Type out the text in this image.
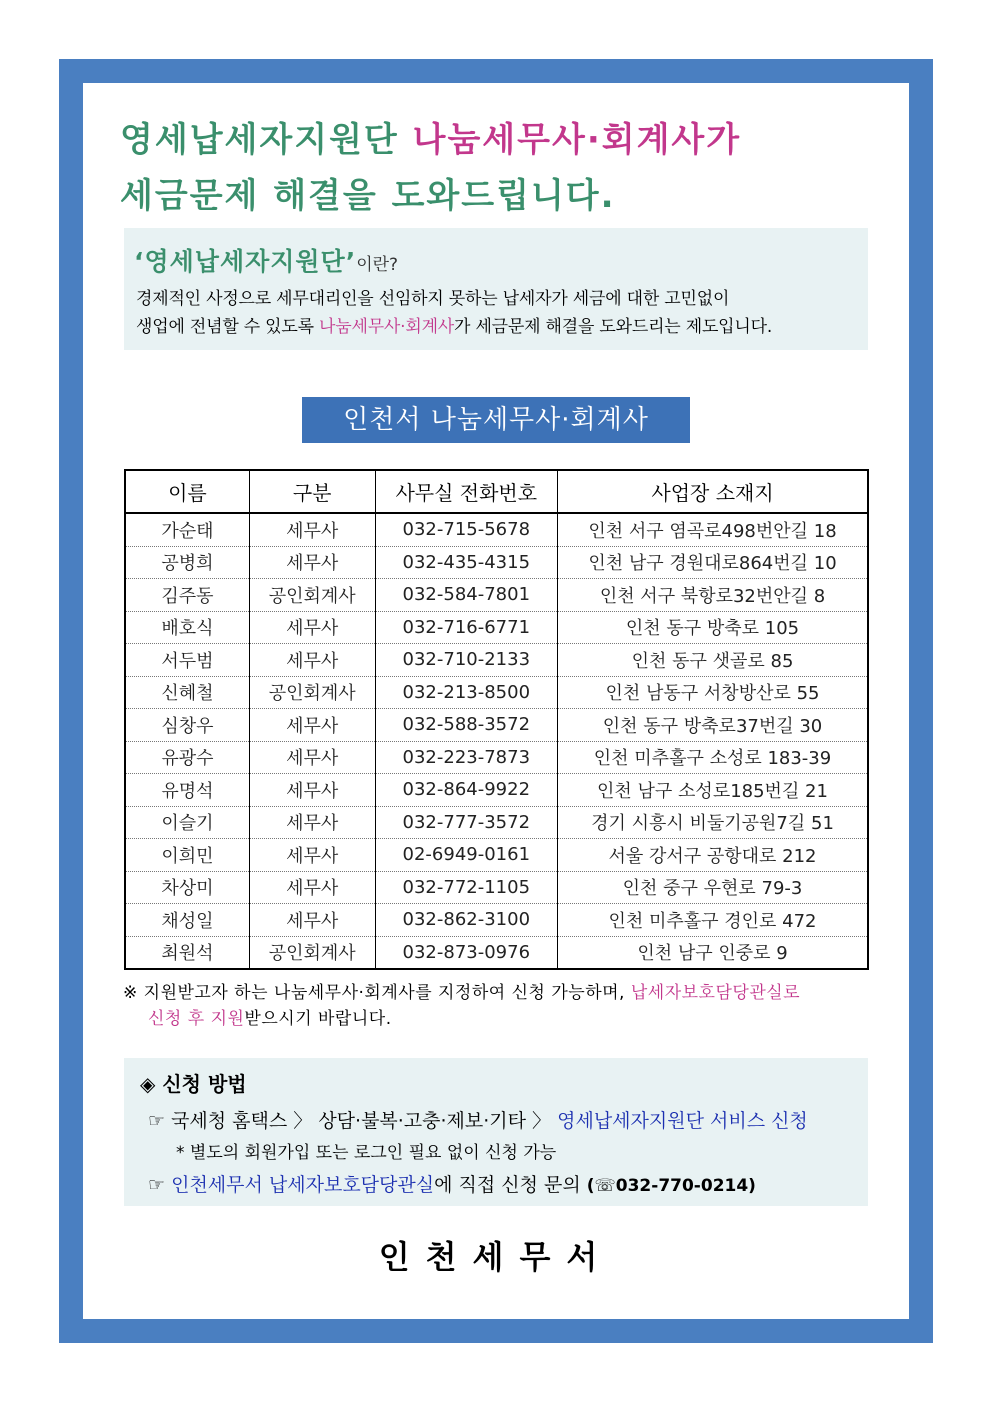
영세납세자지원단 나눔세무사·회계사가
세금문제 해결을 도와드립니다.
‘영세납세자지원단’이란?
경제적인 사정으로 세무대리인을 선임하지 못하는 납세자가 세금에 대한 고민없이
생업에 전념할 수 있도록 나눔세무사·회계사가 세금문제 해결을 도와드리는 제도입니다.
인천서 나눔세무사·회계사
이름	구분	사무실 전화번호	사업장 소재지
가순태	세무사	032-715-5678	인천 서구 염곡로498번안길 18
공병희	세무사	032-435-4315	인천 남구 경원대로864번길 10
김주동	공인회계사	032-584-7801	인천 서구 북항로32번안길 8
배호식	세무사	032-716-6771	인천 동구 방축로 105
서두범	세무사	032-710-2133	인천 동구 샛골로 85
신혜철	공인회계사	032-213-8500	인천 남동구 서창방산로 55
심창우	세무사	032-588-3572	인천 동구 방축로37번길 30
유광수	세무사	032-223-7873	인천 미추홀구 소성로 183-39
유명석	세무사	032-864-9922	인천 남구 소성로185번길 21
이슬기	세무사	032-777-3572	경기 시흥시 비둘기공원7길 51
이희민	세무사	02-6949-0161	서울 강서구 공항대로 212
차상미	세무사	032-772-1105	인천 중구 우현로 79-3
채성일	세무사	032-862-3100	인천 미추홀구 경인로 472
최원석	공인회계사	032-873-0976	인천 남구 인중로 9
※ 지원받고자 하는 나눔세무사·회계사를 지정하여 신청 가능하며, 납세자보호담당관실로
신청 후 지원받으시기 바랍니다.
◈ 신청 방법
☞ 국세청 홈택스 〉 상담·불복·고충·제보·기타 〉 영세납세자지원단 서비스 신청
* 별도의 회원가입 또는 로그인 필요 없이 신청 가능
☞ 인천세무서 납세자보호담당관실에 직접 신청 문의 (☏032-770-0214)
인천세무서
